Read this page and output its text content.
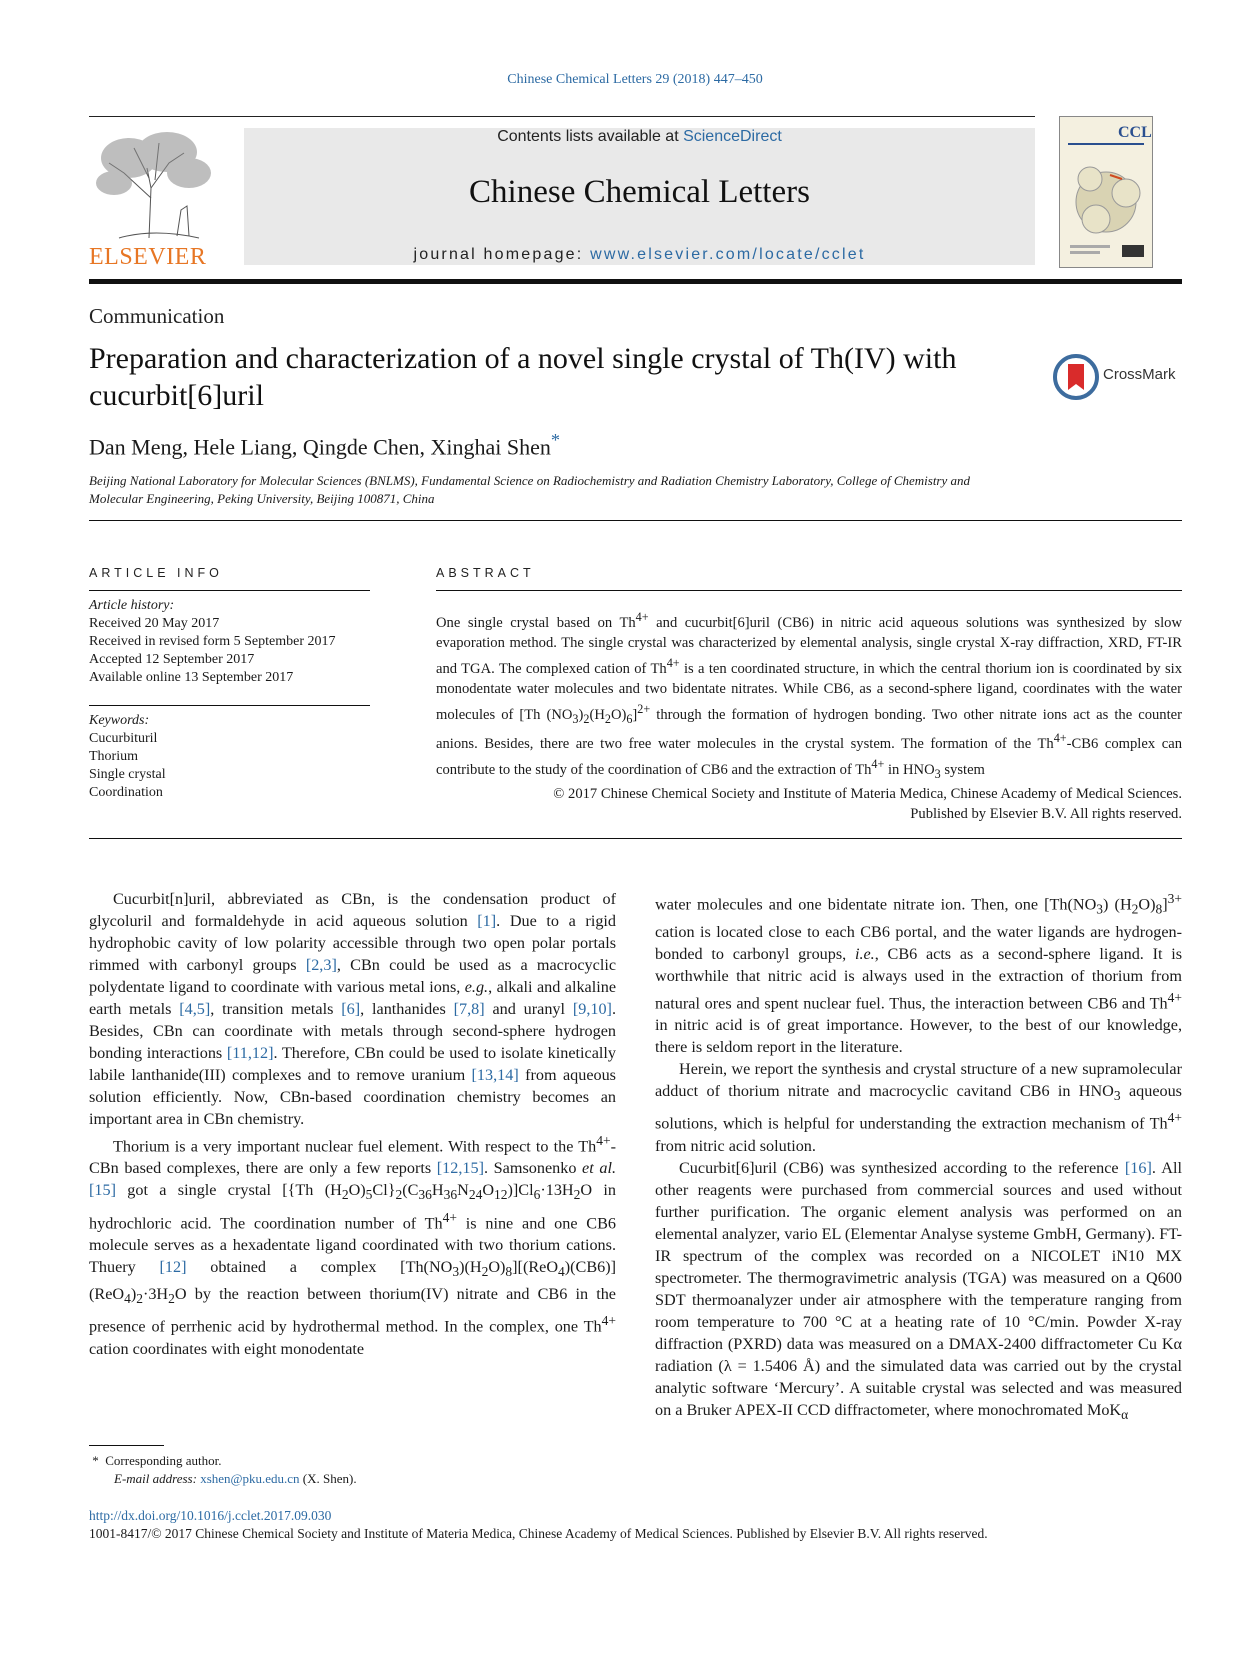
Chinese Chemical Letters 29 (2018) 447–450
ELSEVIER
Contents lists available at ScienceDirect
Chinese Chemical Letters
journal homepage: www.elsevier.com/locate/cclet
CCL
Communication
Preparation and characterization of a novel single crystal of Th(IV) with cucurbit[6]uril
CrossMark
Dan Meng, Hele Liang, Qingde Chen, Xinghai Shen*
Beijing National Laboratory for Molecular Sciences (BNLMS), Fundamental Science on Radiochemistry and Radiation Chemistry Laboratory, College of Chemistry and Molecular Engineering, Peking University, Beijing 100871, China
ARTICLE INFO
Article history:
Received 20 May 2017
Received in revised form 5 September 2017
Accepted 12 September 2017
Available online 13 September 2017
Keywords:
Cucurbituril
Thorium
Single crystal
Coordination
ABSTRACT
One single crystal based on $Th^{4+}$ and cucurbit[6]uril (CB6) in nitric acid aqueous solutions was synthesized by slow evaporation method. The single crystal was characterized by elemental analysis, single crystal X-ray diffraction, XRD, FT-IR and TGA. The complexed cation of $Th^{4+}$ is a ten coordinated structure, in which the central thorium ion is coordinated by six monodentate water molecules and two bidentate nitrates. While CB6, as a second-sphere ligand, coordinates with the water molecules of [Th $(NO_3)_2(H_2O)_6]^{2+}$ through the formation of hydrogen bonding. Two other nitrate ions act as the counter anions. Besides, there are two free water molecules in the crystal system. The formation of the $Th^{4+}-CB6$ complex can contribute to the study of the coordination of CB6 and the extraction of $Th^{4+}$ in $HNO_3$ system
© 2017 Chinese Chemical Society and Institute of Materia Medica, Chinese Academy of Medical Sciences.
Published by Elsevier B.V. All rights reserved.

Cucurbit[n]uril, abbreviated as CBn, is the condensation product of glycoluril and formaldehyde in acid aqueous solution [1]. Due to a rigid hydrophobic cavity of low polarity accessible through two open polar portals rimmed with carbonyl groups [2,3], CBn could be used as a macrocyclic polydentate ligand to coordinate with various metal ions, e.g., alkali and alkaline earth metals [4,5], transition metals [6], lanthanides [7,8] and uranyl [9,10]. Besides, CBn can coordinate with metals through second-sphere hydrogen bonding interactions [11,12]. Therefore, CBn could be used to isolate kinetically labile lanthanide(III) complexes and to remove uranium [13,14] from aqueous solution efficiently. Now, CBn-based coordination chemistry becomes an important area in CBn chemistry.

Thorium is a very important nuclear fuel element. With respect to the $Th^{4+}$-CBn based complexes, there are only a few reports [12,15]. Samsonenko et al. [15] got a single crystal [{Th $(H_2O)_5Cl\}_2(C_{36}H_{36}N_{24}O_{12})]Cl_6\cdot 13H_2O$ in hydrochloric acid. The coordination number of $Th^{4+}$ is nine and one CB6 molecule serves as a hexadentate ligand coordinated with two thorium cations. Thuery [12] obtained a complex $[Th(NO_3)(H_2O)_8][(ReO_4)(CB6)]$ $(ReO_4)_2\cdot 3H_2O$ by the reaction between thorium(IV) nitrate and CB6 in the presence of perrhenic acid by hydrothermal method. In the complex, one $Th^{4+}$ cation coordinates with eight monodentate

water molecules and one bidentate nitrate ion. Then, one [$Th(NO_3)$ $(H_2O)_8]^{3+}$ cation is located close to each CB6 portal, and the water ligands are hydrogen-bonded to carbonyl groups, i.e., CB6 acts as a second-sphere ligand. It is worthwhile that nitric acid is always used in the extraction of thorium from natural ores and spent nuclear fuel. Thus, the interaction between CB6 and $Th^{4+}$ in nitric acid is of great importance. However, to the best of our knowledge, there is seldom report in the literature.

Herein, we report the synthesis and crystal structure of a new supramolecular adduct of thorium nitrate and macrocyclic cavitand CB6 in $HNO_3$ aqueous solutions, which is helpful for understanding the extraction mechanism of $Th^{4+}$ from nitric acid solution.

Cucurbit[6]uril (CB6) was synthesized according to the reference [16]. All other reagents were purchased from commercial sources and used without further purification. The organic element analysis was performed on an elemental analyzer, vario EL (Elementar Analyse systeme GmbH, Germany). FT-IR spectrum of the complex was recorded on a NICOLET iN10 MX spectrometer. The thermogravimetric analysis (TGA) was measured on a Q600 SDT thermoanalyzer under air atmosphere with the temperature ranging from room temperature to 700 °C at a heating rate of 10 °C/min. Powder X-ray diffraction (PXRD) data was measured on a DMAX-2400 diffractometer Cu Kα radiation (λ = 1.5406 Å) and the simulated data was carried out by the crystal analytic software ‘Mercury’. A suitable crystal was selected and was measured on a Bruker APEX-II CCD diffractometer, where monochromated MoK$_\alpha$

* Corresponding author.
E-mail address: xshen@pku.edu.cn (X. Shen).
http://dx.doi.org/10.1016/j.cclet.2017.09.030
1001-8417/© 2017 Chinese Chemical Society and Institute of Materia Medica, Chinese Academy of Medical Sciences. Published by Elsevier B.V. All rights reserved.
